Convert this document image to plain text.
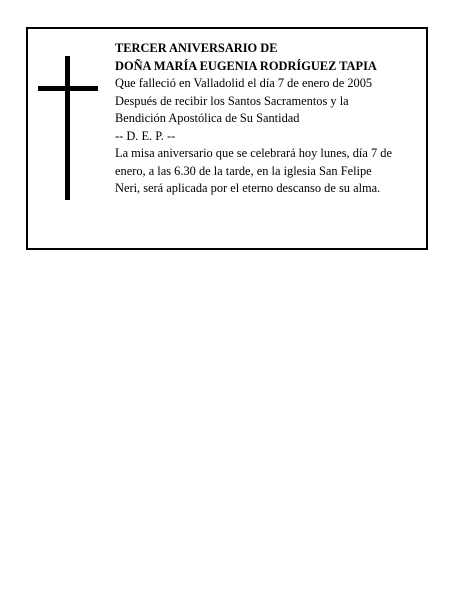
TERCER ANIVERSARIO DE
DOÑA MARÍA EUGENIA RODRÍGUEZ TAPIA
Que falleció en Valladolid el día 7 de enero de 2005
Después de recibir los Santos Sacramentos y la
Bendición Apostólica de Su Santidad
-- D. E. P. --
La misa aniversario que se celebrará hoy lunes, día 7 de
enero, a las 6.30 de la tarde, en la iglesia San Felipe
Neri, será aplicada por el eterno descanso de su alma.
